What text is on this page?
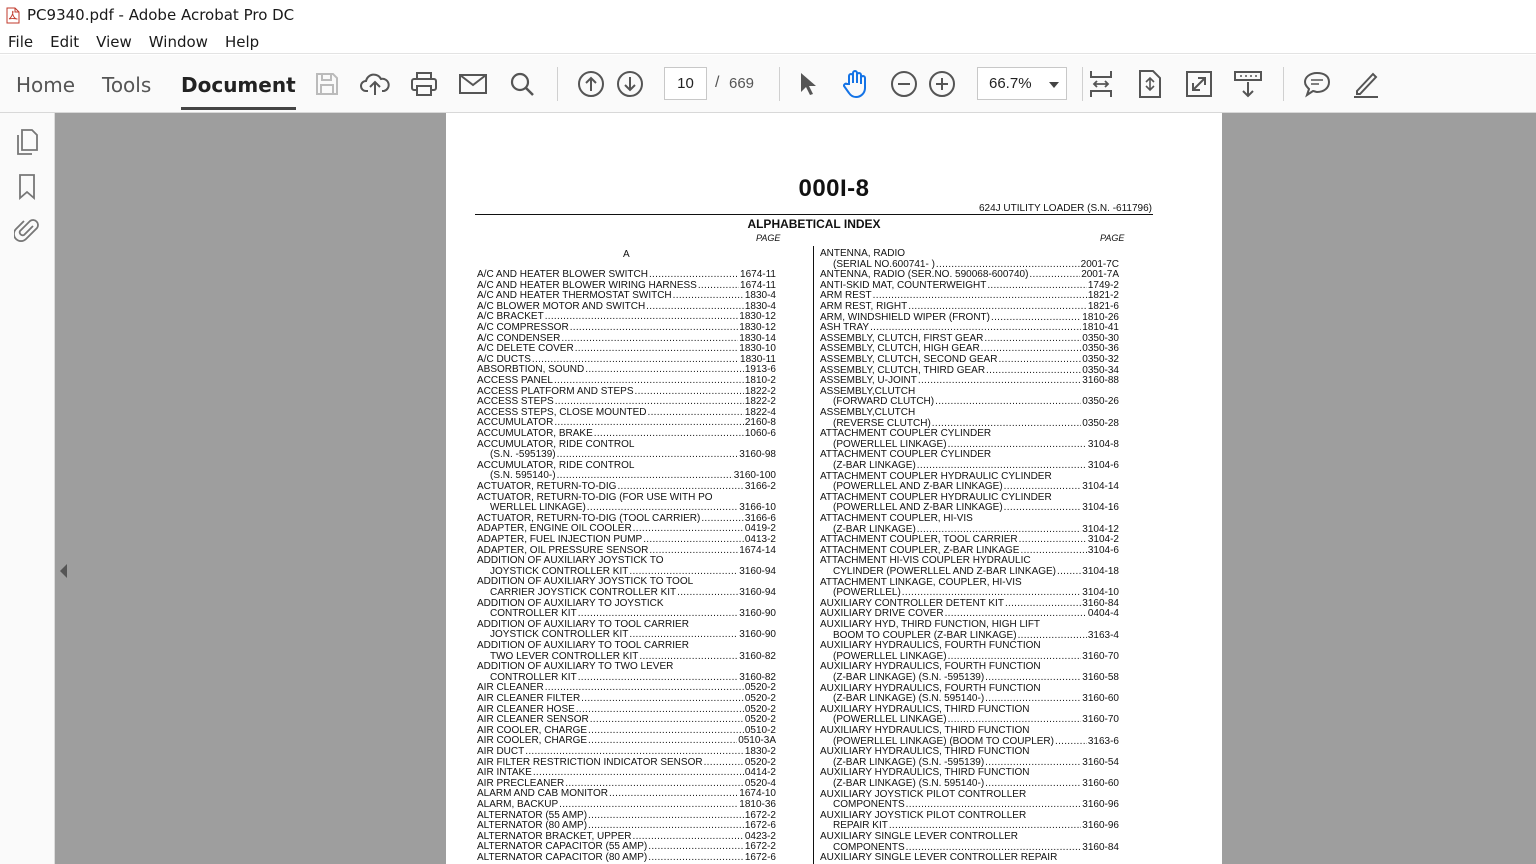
PC9340.pdf - Adobe Acrobat Pro DC
File Edit View Window Help
Home Tools Document
10	/ 669	66.7%
000I-8
624J UTILITY LOADER (S.N. -611796)
ALPHABETICAL INDEX
PAGE	PAGE
A
A/C AND HEATER BLOWER SWITCH .....	1674-11
A/C AND HEATER BLOWER WIRING HARNESS .....	1674-11
A/C AND HEATER THERMOSTAT SWITCH .....	1830-4
A/C BLOWER MOTOR AND SWITCH .....	1830-4
A/C BRACKET .....	1830-12
A/C COMPRESSOR .....	1830-12
A/C CONDENSER .....	1830-14
A/C DELETE COVER .....	1830-10
A/C DUCTS .....	1830-11
ABSORBTION, SOUND .....	1913-6
ACCESS PANEL .....	1810-2
ACCESS PLATFORM AND STEPS .....	1822-2
ACCESS STEPS .....	1822-2
ACCESS STEPS, CLOSE MOUNTED .....	1822-4
ACCUMULATOR .....	2160-8
ACCUMULATOR, BRAKE .....	1060-6
ACCUMULATOR, RIDE CONTROL
(S.N. -595139) .....	3160-98
ACCUMULATOR, RIDE CONTROL
(S.N. 595140-) .....	3160-100
ACTUATOR, RETURN-TO-DIG .....	3166-2
ACTUATOR, RETURN-TO-DIG (FOR USE WITH PO
WERLLEL LINKAGE) .....	3166-10
ACTUATOR, RETURN-TO-DIG (TOOL CARRIER) .....	3166-6
ADAPTER, ENGINE OIL COOLER .....	0419-2
ADAPTER, FUEL INJECTION PUMP .....	0413-2
ADAPTER, OIL PRESSURE SENSOR .....	1674-14
ADDITION OF AUXILIARY JOYSTICK TO
JOYSTICK CONTROLLER KIT .....	3160-94
ADDITION OF AUXILIARY JOYSTICK TO TOOL
CARRIER JOYSTICK CONTROLLER KIT .....	3160-94
ADDITION OF AUXILIARY TO JOYSTICK
CONTROLLER KIT .....	3160-90
ADDITION OF AUXILIARY TO TOOL CARRIER
JOYSTICK CONTROLLER KIT .....	3160-90
ADDITION OF AUXILIARY TO TOOL CARRIER
TWO LEVER CONTROLLER KIT .....	3160-82
ADDITION OF AUXILIARY TO TWO LEVER
CONTROLLER KIT .....	3160-82
AIR CLEANER .....	0520-2
AIR CLEANER FILTER .....	0520-2
AIR CLEANER HOSE .....	0520-2
AIR CLEANER SENSOR .....	0520-2
AIR COOLER, CHARGE .....	0510-2
AIR COOLER, CHARGE .....	0510-3A
AIR DUCT .....	1830-2
AIR FILTER RESTRICTION INDICATOR SENSOR .....	0520-2
AIR INTAKE .....	0414-2
AIR PRECLEANER .....	0520-4
ALARM AND CAB MONITOR .....	1674-10
ALARM, BACKUP .....	1810-36
ALTERNATOR (55 AMP) .....	1672-2
ALTERNATOR (80 AMP) .....	1672-6
ALTERNATOR BRACKET, UPPER .....	0423-2
ALTERNATOR CAPACITOR (55 AMP) .....	1672-2
ALTERNATOR CAPACITOR (80 AMP) .....	1672-6
ANTENNA, RADIO
(SERIAL NO.600741- ) .....	2001-7C
ANTENNA, RADIO (SER.NO. 590068-600740) .....	2001-7A
ANTI-SKID MAT, COUNTERWEIGHT .....	1749-2
ARM REST .....	1821-2
ARM REST, RIGHT .....	1821-6
ARM, WINDSHIELD WIPER (FRONT) .....	1810-26
ASH TRAY .....	1810-41
ASSEMBLY, CLUTCH, FIRST GEAR .....	0350-30
ASSEMBLY, CLUTCH, HIGH GEAR .....	0350-36
ASSEMBLY, CLUTCH, SECOND GEAR .....	0350-32
ASSEMBLY, CLUTCH, THIRD GEAR .....	0350-34
ASSEMBLY, U-JOINT .....	3160-88
ASSEMBLY,CLUTCH
(FORWARD CLUTCH) .....	0350-26
ASSEMBLY,CLUTCH
(REVERSE CLUTCH) .....	0350-28
ATTACHMENT COUPLER CYLINDER
(POWERLLEL LINKAGE) .....	3104-8
ATTACHMENT COUPLER CYLINDER
(Z-BAR LINKAGE) .....	3104-6
ATTACHMENT COUPLER HYDRAULIC CYLINDER
(POWERLLEL AND Z-BAR LINKAGE) .....	3104-14
ATTACHMENT COUPLER HYDRAULIC CYLINDER
(POWERLLEL AND Z-BAR LINKAGE) .....	3104-16
ATTACHMENT COUPLER, HI-VIS
(Z-BAR LINKAGE) .....	3104-12
ATTACHMENT COUPLER, TOOL CARRIER .....	3104-2
ATTACHMENT COUPLER, Z-BAR LINKAGE .....	3104-6
ATTACHMENT HI-VIS COUPLER HYDRAULIC
CYLINDER (POWERLLEL AND Z-BAR LINKAGE) .....	3104-18
ATTACHMENT LINKAGE, COUPLER, HI-VIS
(POWERLLEL) .....	3104-10
AUXILIARY CONTROLLER DETENT KIT .....	3160-84
AUXILIARY DRIVE COVER .....	0404-4
AUXILIARY HYD, THIRD FUNCTION, HIGH LIFT
BOOM TO COUPLER (Z-BAR LINKAGE) .....	3163-4
AUXILIARY HYDRAULICS, FOURTH FUNCTION
(POWERLLEL LINKAGE) .....	3160-70
AUXILIARY HYDRAULICS, FOURTH FUNCTION
(Z-BAR LINKAGE) (S.N. -595139) .....	3160-58
AUXILIARY HYDRAULICS, FOURTH FUNCTION
(Z-BAR LINKAGE) (S.N. 595140-) .....	3160-60
AUXILIARY HYDRAULICS, THIRD FUNCTION
(POWERLLEL LINKAGE) .....	3160-70
AUXILIARY HYDRAULICS, THIRD FUNCTION
(POWERLLEL LINKAGE) (BOOM TO COUPLER) .....	3163-6
AUXILIARY HYDRAULICS, THIRD FUNCTION
(Z-BAR LINKAGE) (S.N. -595139) .....	3160-54
AUXILIARY HYDRAULICS, THIRD FUNCTION
(Z-BAR LINKAGE) (S.N. 595140-) .....	3160-60
AUXILIARY JOYSTICK PILOT CONTROLLER
COMPONENTS .....	3160-96
AUXILIARY JOYSTICK PILOT CONTROLLER
REPAIR KIT .....	3160-96
AUXILIARY SINGLE LEVER CONTROLLER
COMPONENTS .....	3160-84
AUXILIARY SINGLE LEVER CONTROLLER REPAIR
